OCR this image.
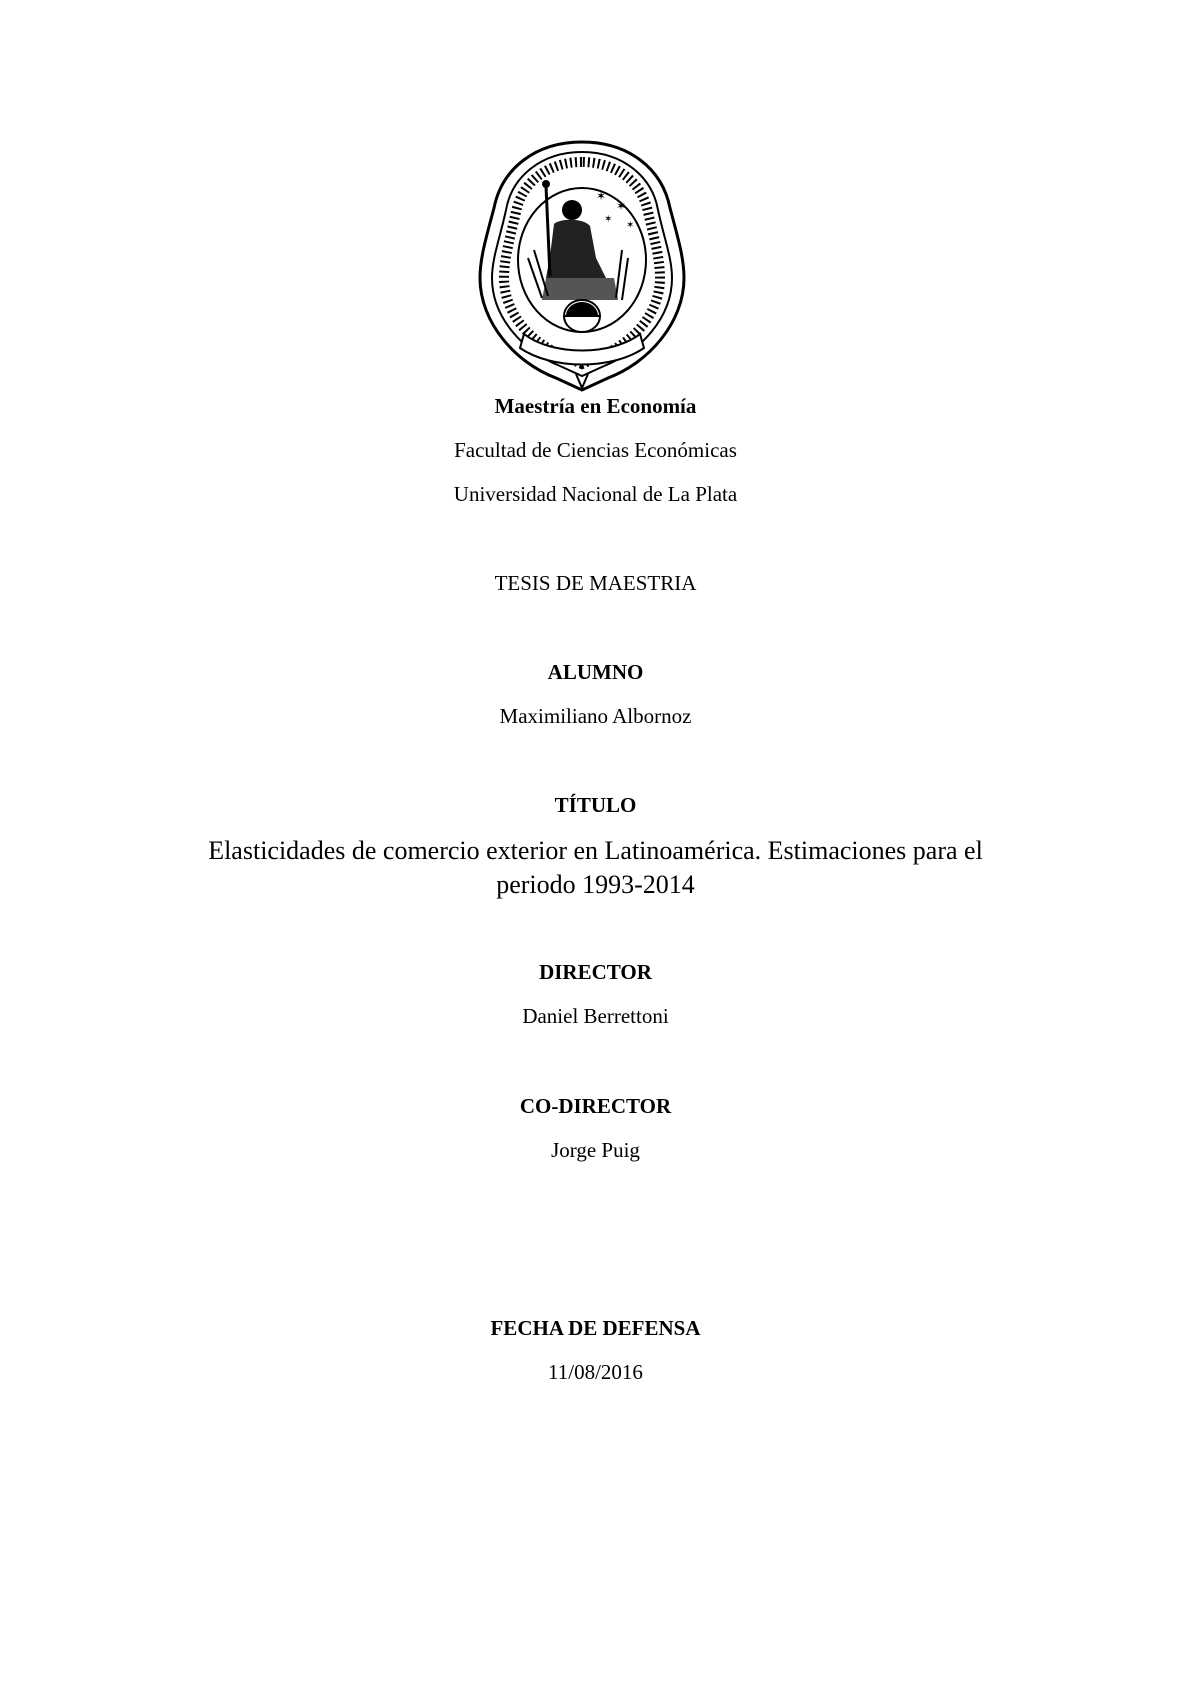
✶
✶
✶
✶
Maestría en Economía
Facultad de Ciencias Económicas
Universidad Nacional de La Plata
TESIS DE MAESTRIA
ALUMNO
Maximiliano Albornoz
TÍTULO
Elasticidades de comercio exterior en Latinoamérica. Estimaciones para el
periodo 1993-2014
DIRECTOR
Daniel Berrettoni
CO-DIRECTOR
Jorge Puig
FECHA DE DEFENSA
11/08/2016
